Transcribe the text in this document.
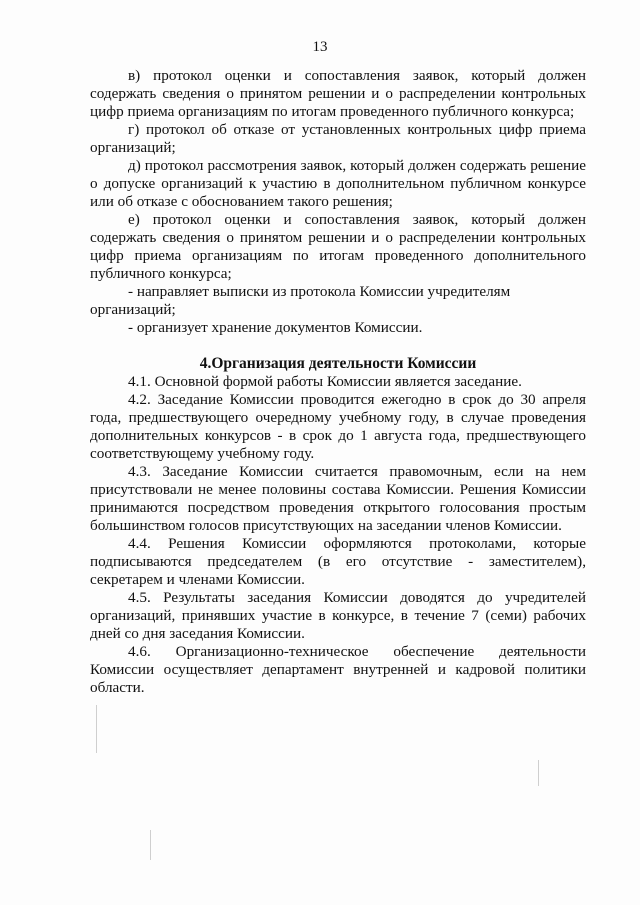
13

в) протокол оценки и сопоставления заявок, который должен содержать сведения о принятом решении и о распределении контрольных цифр приема организациям по итогам проведенного публичного конкурса;

г) протокол об отказе от установленных контрольных цифр приема организаций;

д) протокол рассмотрения заявок, который должен содержать решение о допуске организаций к участию в дополнительном публичном конкурсе или об отказе с обоснованием такого решения;

е) протокол оценки и сопоставления заявок, который должен содержать сведения о принятом решении и о распределении контрольных цифр приема организациям по итогам проведенного дополнительного публичного конкурса;

- направляет выписки из протокола Комиссии учредителям организаций;

- организует хранение документов Комиссии.

4.Организация деятельности Комиссии

4.1. Основной формой работы Комиссии является заседание.

4.2. Заседание Комиссии проводится ежегодно в срок до 30 апреля года, предшествующего очередному учебному году, в случае проведения дополнительных конкурсов - в срок до 1 августа года, предшествующего соответствующему учебному году.

4.3. Заседание Комиссии считается правомочным, если на нем присутствовали не менее половины состава Комиссии. Решения Комиссии принимаются посредством проведения открытого голосования простым большинством голосов присутствующих на заседании членов Комиссии.

4.4. Решения Комиссии оформляются протоколами, которые подписываются председателем (в его отсутствие - заместителем), секретарем и членами Комиссии.

4.5. Результаты заседания Комиссии доводятся до учредителей организаций, принявших участие в конкурсе, в течение 7 (семи) рабочих дней со дня заседания Комиссии.

4.6. Организационно-техническое обеспечение деятельности Комиссии осуществляет департамент внутренней и кадровой политики области.
